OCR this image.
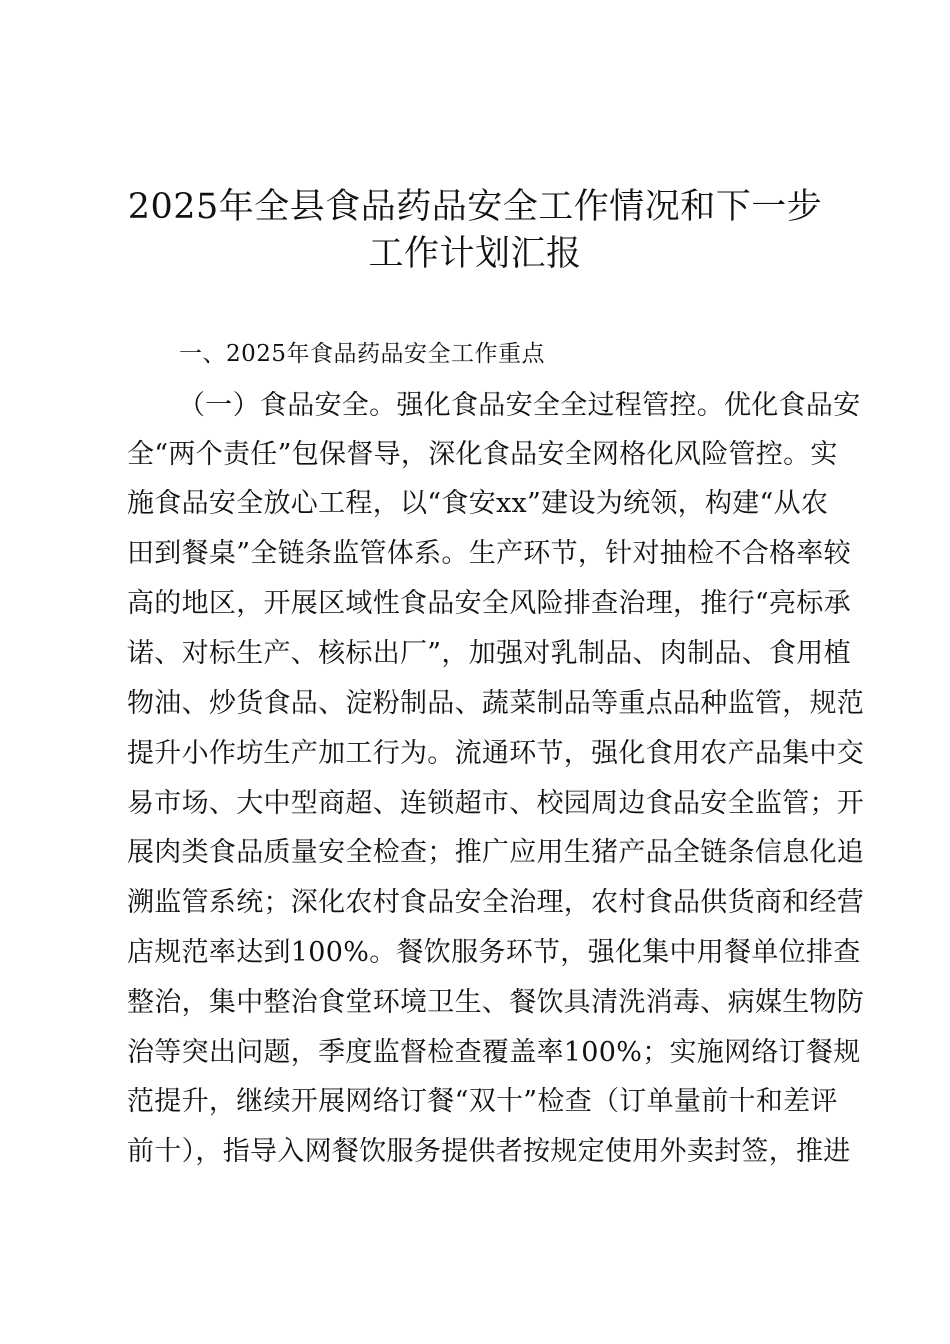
2025年全县食品药品安全工作情况和下一步
工作计划汇报
一、2025年食品药品安全工作重点
（一）食品安全。强化食品安全全过程管控。优化食品安
全“两个责任”包保督导，深化食品安全网格化风险管控。实
施食品安全放心工程，以“食安xx”建设为统领，构建“从农
田到餐桌”全链条监管体系。生产环节，针对抽检不合格率较
高的地区，开展区域性食品安全风险排查治理，推行“亮标承
诺、对标生产、核标出厂”，加强对乳制品、肉制品、食用植
物油、炒货食品、淀粉制品、蔬菜制品等重点品种监管，规范
提升小作坊生产加工行为。流通环节，强化食用农产品集中交
易市场、大中型商超、连锁超市、校园周边食品安全监管；开
展肉类食品质量安全检查；推广应用生猪产品全链条信息化追
溯监管系统；深化农村食品安全治理，农村食品供货商和经营
店规范率达到100%。餐饮服务环节，强化集中用餐单位排查
整治，集中整治食堂环境卫生、餐饮具清洗消毒、病媒生物防
治等突出问题，季度监督检查覆盖率100%；实施网络订餐规
范提升，继续开展网络订餐“双十”检查（订单量前十和差评
前十），指导入网餐饮服务提供者按规定使用外卖封签，推进
